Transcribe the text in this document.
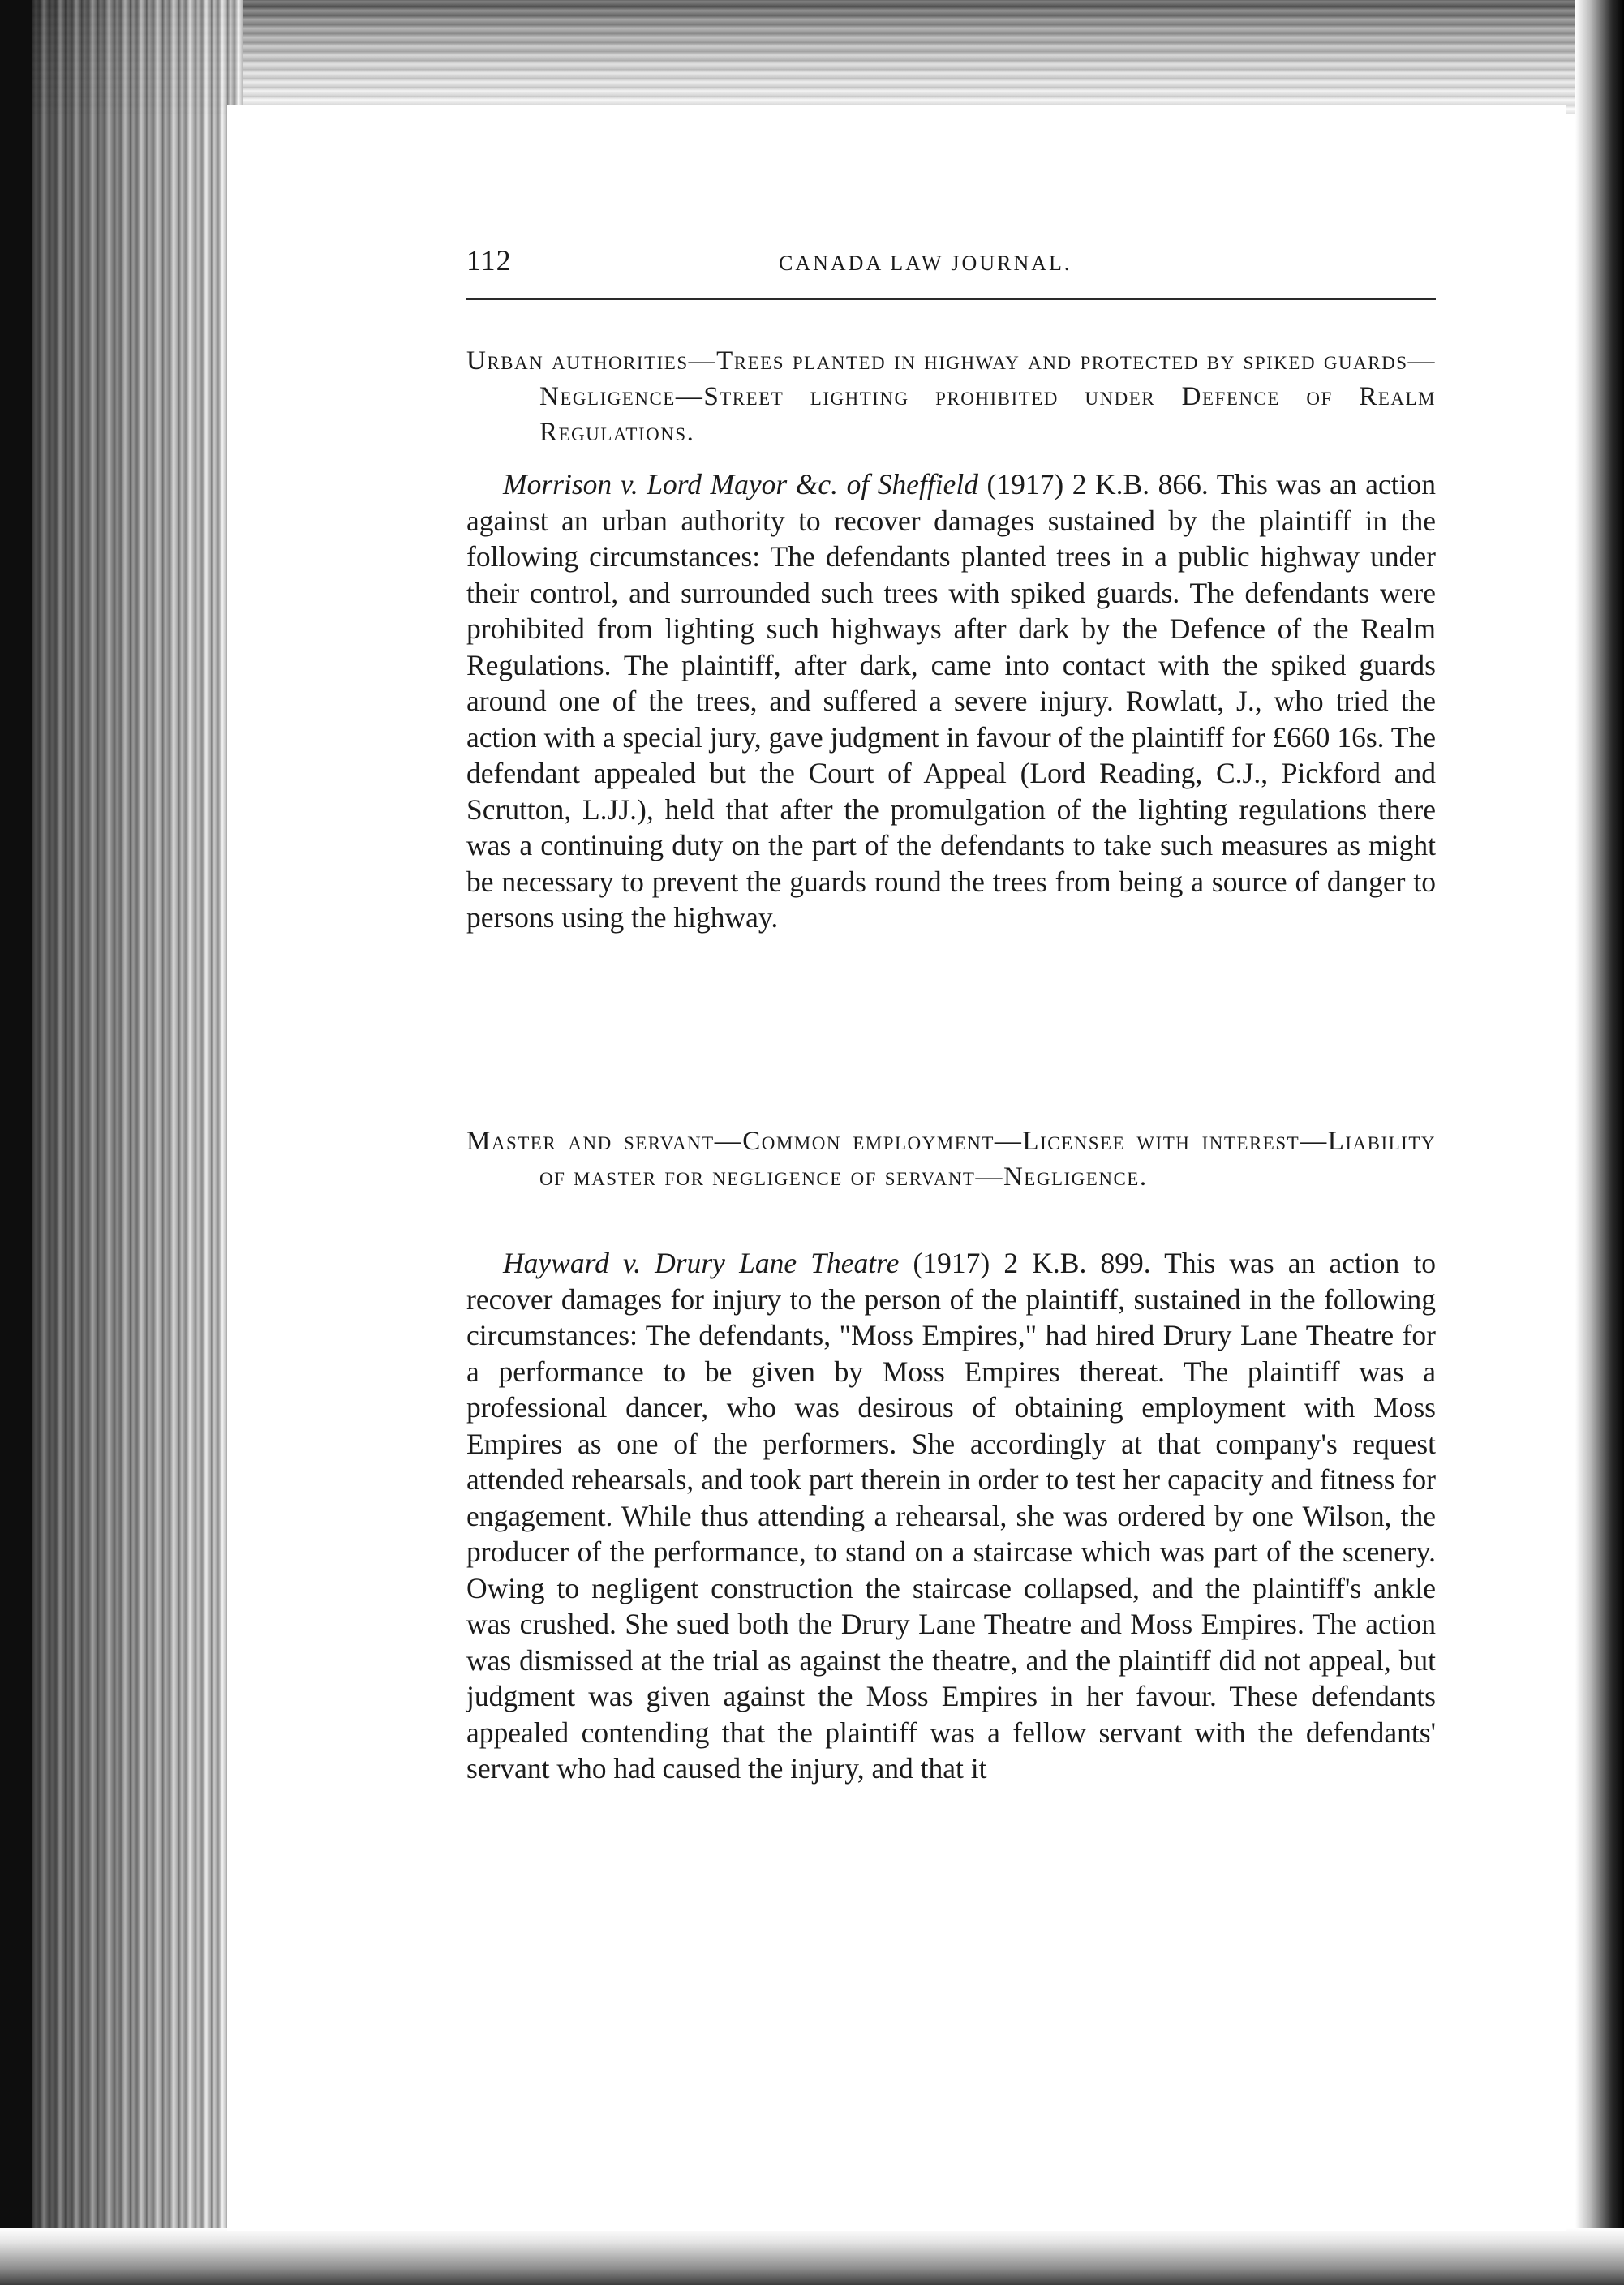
112	CANADA LAW JOURNAL.

Urban authorities—Trees planted in highway and protected by spiked guards—Negligence—Street lighting prohibited under Defence of Realm Regulations.

Morrison v. Lord Mayor &c. of Sheffield (1917) 2 K.B. 866. This was an action against an urban authority to recover damages sustained by the plaintiff in the following circumstances: The defendants planted trees in a public highway under their control, and surrounded such trees with spiked guards. The defendants were prohibited from lighting such highways after dark by the Defence of the Realm Regulations. The plaintiff, after dark, came into contact with the spiked guards around one of the trees, and suffered a severe injury. Rowlatt, J., who tried the action with a special jury, gave judgment in favour of the plaintiff for £660 16s. The defendant appealed but the Court of Appeal (Lord Reading, C.J., Pickford and Scrutton, L.JJ.), held that after the promulgation of the lighting regulations there was a continuing duty on the part of the defendants to take such measures as might be necessary to prevent the guards round the trees from being a source of danger to persons using the highway.

Master and servant—Common employment—Licensee with interest—Liability of master for negligence of servant—Negligence.

Hayward v. Drury Lane Theatre (1917) 2 K.B. 899. This was an action to recover damages for injury to the person of the plaintiff, sustained in the following circumstances: The defendants, "Moss Empires," had hired Drury Lane Theatre for a performance to be given by Moss Empires thereat. The plaintiff was a professional dancer, who was desirous of obtaining employment with Moss Empires as one of the performers. She accordingly at that company's request attended rehearsals, and took part therein in order to test her capacity and fitness for engagement. While thus attending a rehearsal, she was ordered by one Wilson, the producer of the performance, to stand on a staircase which was part of the scenery. Owing to negligent construction the staircase collapsed, and the plaintiff's ankle was crushed. She sued both the Drury Lane Theatre and Moss Empires. The action was dismissed at the trial as against the theatre, and the plaintiff did not appeal, but judgment was given against the Moss Empires in her favour. These defendants appealed contending that the plaintiff was a fellow servant with the defendants' servant who had caused the injury, and that it
